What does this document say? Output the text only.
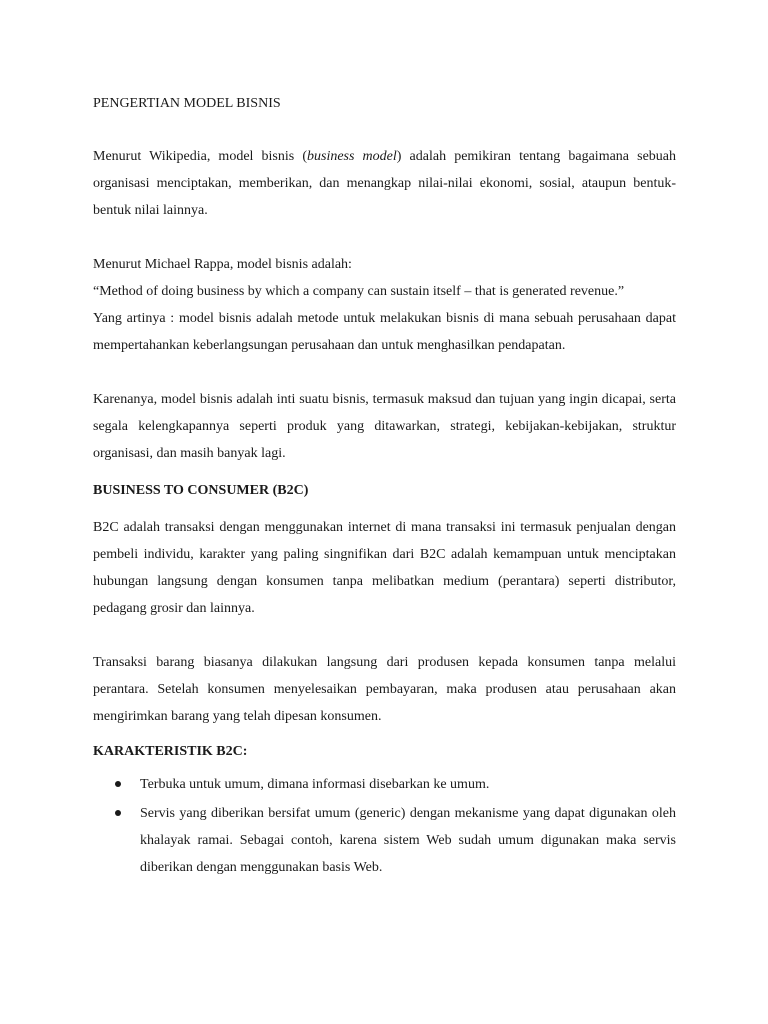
PENGERTIAN MODEL BISNIS

Menurut Wikipedia, model bisnis (business model) adalah pemikiran tentang bagaimana sebuah organisasi menciptakan, memberikan, dan menangkap nilai-nilai ekonomi, sosial, ataupun bentuk-bentuk nilai lainnya.

Menurut Michael Rappa, model bisnis adalah:

“Method of doing business by which a company can sustain itself – that is generated revenue.”

Yang artinya : model bisnis adalah metode untuk melakukan bisnis di mana sebuah perusahaan dapat mempertahankan keberlangsungan perusahaan dan untuk menghasilkan pendapatan.

Karenanya, model bisnis adalah inti suatu bisnis, termasuk maksud dan tujuan yang ingin dicapai, serta segala kelengkapannya seperti produk yang ditawarkan, strategi, kebijakan-kebijakan, struktur organisasi, dan masih banyak lagi.

BUSINESS TO CONSUMER (B2C)

B2C adalah transaksi dengan menggunakan internet di mana transaksi ini termasuk penjualan dengan pembeli individu, karakter yang paling singnifikan dari B2C adalah kemampuan untuk menciptakan hubungan langsung dengan konsumen tanpa melibatkan medium (perantara) seperti distributor, pedagang grosir dan lainnya.

Transaksi barang biasanya dilakukan langsung dari produsen kepada konsumen tanpa melalui perantara. Setelah konsumen menyelesaikan pembayaran, maka produsen atau perusahaan akan mengirimkan barang yang telah dipesan konsumen.

KARAKTERISTIK B2C:

Terbuka untuk umum, dimana informasi disebarkan ke umum.
Servis yang diberikan bersifat umum (generic) dengan mekanisme yang dapat digunakan oleh khalayak ramai. Sebagai contoh, karena sistem Web sudah umum digunakan maka servis diberikan dengan menggunakan basis Web.
